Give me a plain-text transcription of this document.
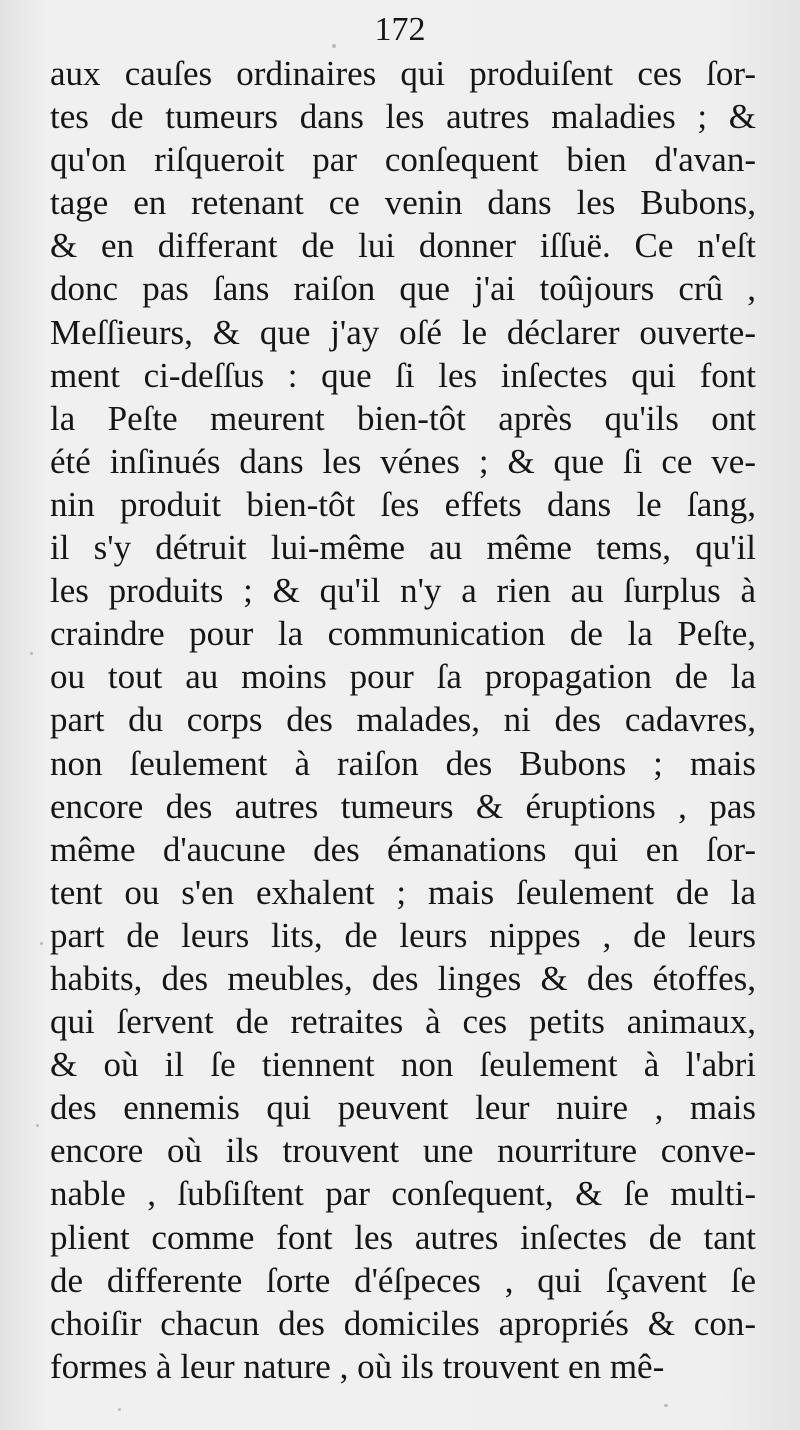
172
aux cauſes ordinaires qui produiſent ces ſor-
tes de tumeurs dans les autres maladies ; &
qu'on riſqueroit par conſequent bien d'avan-
tage en retenant ce venin dans les Bubons,
& en differant de lui donner iſſuë. Ce n'eſt
donc pas ſans raiſon que j'ai toûjours crû ,
Meſſieurs, & que j'ay oſé le déclarer ouverte-
ment ci-deſſus : que ſi les inſectes qui font
la Peſte meurent bien-tôt après qu'ils ont
été inſinués dans les vénes ; & que ſi ce ve-
nin produit bien-tôt ſes effets dans le ſang,
il s'y détruit lui-même au même tems, qu'il
les produits ; & qu'il n'y a rien au ſurplus à
craindre pour la communication de la Peſte,
ou tout au moins pour ſa propagation de la
part du corps des malades, ni des cadavres,
non ſeulement à raiſon des Bubons ; mais
encore des autres tumeurs & éruptions , pas
même d'aucune des émanations qui en ſor-
tent ou s'en exhalent ; mais ſeulement de la
part de leurs lits, de leurs nippes , de leurs
habits, des meubles, des linges & des étoffes,
qui ſervent de retraites à ces petits animaux,
& où il ſe tiennent non ſeulement à l'abri
des ennemis qui peuvent leur nuire , mais
encore où ils trouvent une nourriture conve-
nable , ſubſiſtent par conſequent, & ſe multi-
plient comme font les autres inſectes de tant
de differente ſorte d'éſpeces , qui ſçavent ſe
choiſir chacun des domiciles apropriés & con-
formes à leur nature , où ils trouvent en mê-
